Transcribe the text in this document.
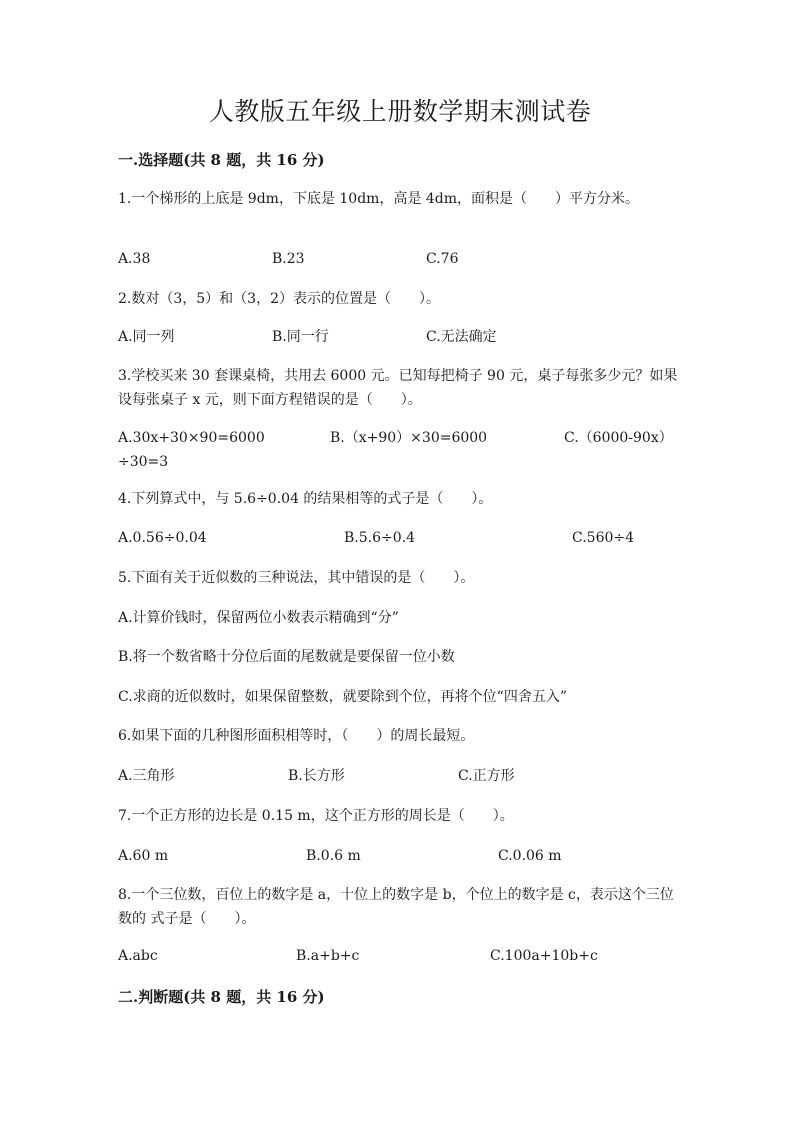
人教版五年级上册数学期末测试卷
一.选择题(共 8 题，共 16 分)
1.一个梯形的上底是 9dm，下底是 10dm，高是 4dm，面积是（　　）平方分米。
A.38	B.23	C.76
2.数对（3，5）和（3，2）表示的位置是（　　）。
A.同一列	B.同一行	C.无法确定
3.学校买来 30 套课桌椅，共用去 6000 元。已知每把椅子 90 元，桌子每张多少元？如果设每张桌子 x 元，则下面方程错误的是（　　）。
A.30x+30×90=6000	B.（x+90）×30=6000	C.（6000-90x）÷30=3
4.下列算式中，与 5.6÷0.04 的结果相等的式子是（　　）。
A.0.56÷0.04	B.5.6÷0.4	C.560÷4
5.下面有关于近似数的三种说法，其中错误的是（　　）。
A.计算价钱时，保留两位小数表示精确到“分”
B.将一个数省略十分位后面的尾数就是要保留一位小数
C.求商的近似数时，如果保留整数，就要除到个位，再将个位“四舍五入”
6.如果下面的几种图形面积相等时，（　　）的周长最短。
A.三角形	B.长方形	C.正方形
7.一个正方形的边长是 0.15 m，这个正方形的周长是（　　）。
A.60 m	B.0.6 m	C.0.06 m
8.一个三位数，百位上的数字是 a，十位上的数字是 b，个位上的数字是 c，表示这个三位数的 式子是（　　）。
A.abc	B.a+b+c	C.100a+10b+c
二.判断题(共 8 题，共 16 分)
